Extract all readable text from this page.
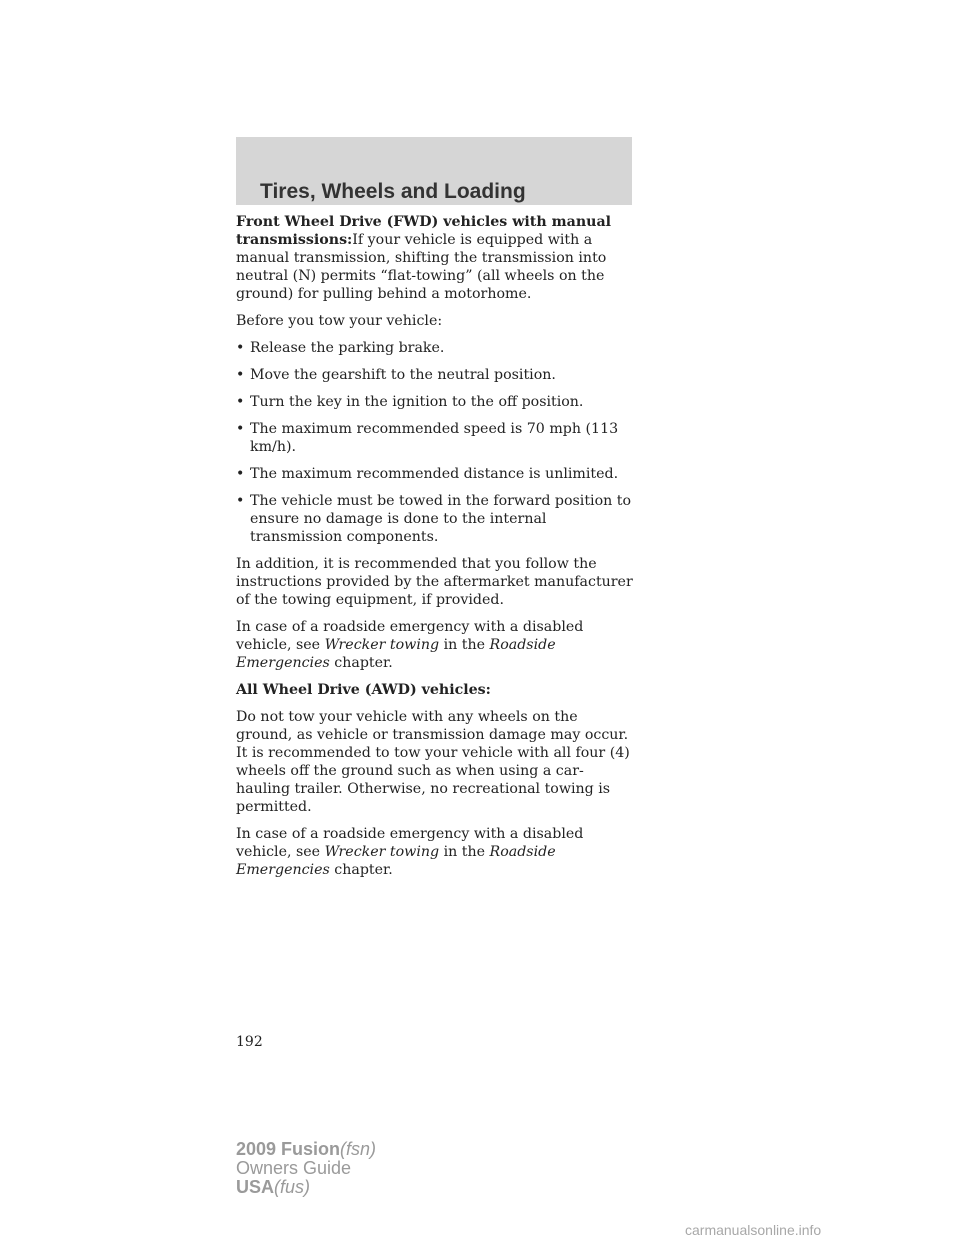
Tires, Wheels and Loading

Front Wheel Drive (FWD) vehicles with manual transmissions:If your vehicle is equipped with a manual transmission, shifting the transmission into neutral (N) permits “flat-towing” (all wheels on the ground) for pulling behind a motorhome.

Before you tow your vehicle:

• Release the parking brake.
• Move the gearshift to the neutral position.
• Turn the key in the ignition to the off position.
• The maximum recommended speed is 70 mph (113 km/h).
• The maximum recommended distance is unlimited.
• The vehicle must be towed in the forward position to ensure no damage is done to the internal transmission components.

In addition, it is recommended that you follow the instructions provided by the aftermarket manufacturer of the towing equipment, if provided.

In case of a roadside emergency with a disabled vehicle, see Wrecker towing in the Roadside Emergencies chapter.

All Wheel Drive (AWD) vehicles:

Do not tow your vehicle with any wheels on the ground, as vehicle or transmission damage may occur. It is recommended to tow your vehicle with all four (4) wheels off the ground such as when using a car-hauling trailer. Otherwise, no recreational towing is permitted.

In case of a roadside emergency with a disabled vehicle, see Wrecker towing in the Roadside Emergencies chapter.

192
2009 Fusion(fsn)
Owners Guide
USA(fus)
carmanualsonline.info
